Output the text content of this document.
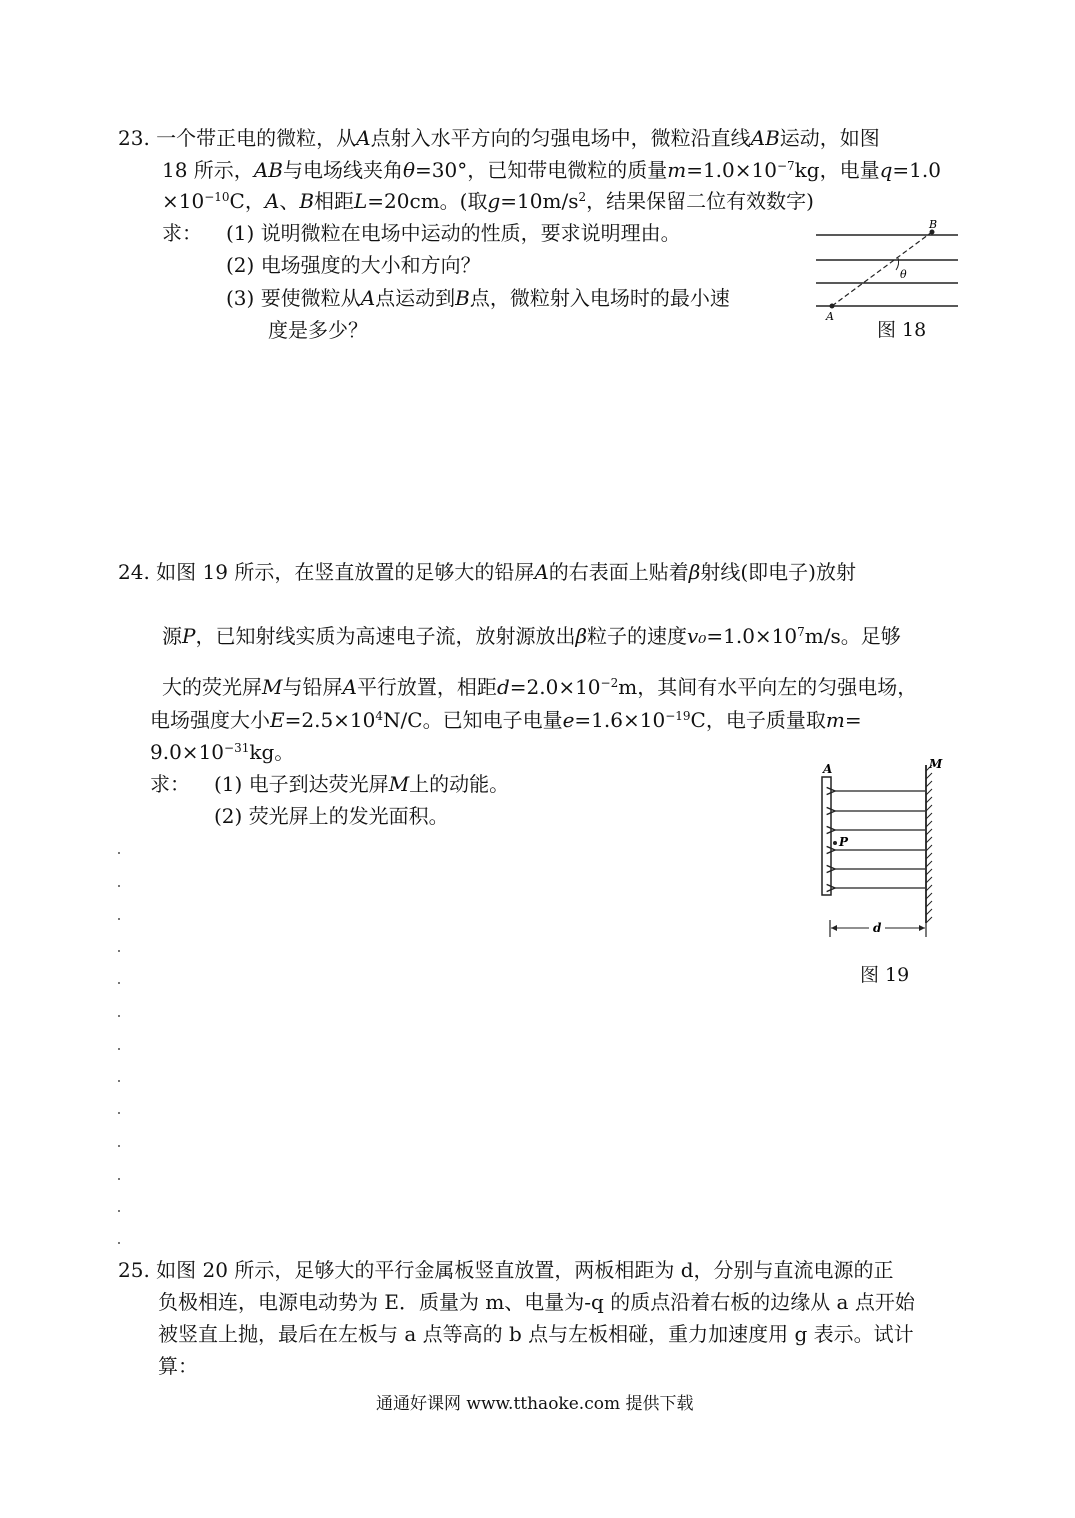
23. 一个带正电的微粒，从A点射入水平方向的匀强电场中，微粒沿直线AB运动，如图
18 所示，AB与电场线夹角θ=30°，已知带电微粒的质量$m=1.0\times 10^{-7}kg$，电量q=1.0
$\times 10^{-10}C$，A、B相距L=20cm。(取$g=10m/s^2$，结果保留二位有效数字)
求： (1) 说明微粒在电场中运动的性质，要求说明理由。
(2) 电场强度的大小和方向？
(3) 要使微粒从A点运动到B点，微粒射入电场时的最小速
度是多少？
θ
A
B
图 18
24. 如图 19 所示，在竖直放置的足够大的铅屏A的右表面上贴着β射线(即电子)放射
源P，已知射线实质为高速电子流，放射源放出β粒子的速度$v_0=1.0\times 10^7m/s$。足够
大的荧光屏M与铅屏A平行放置，相距$d=2.0\times 10^{-2}m$，其间有水平向左的匀强电场，
电场强度大小$E=2.5\times 10^4N/C$。已知电子电量$e=1.6\times 10^{-19}C$，电子质量取m=
$9.0\times 10^{-31}kg$。
求： (1) 电子到达荧光屏M上的动能。
(2) 荧光屏上的发光面积。
P
A	M
d
图 19
25. 如图 20 所示，足够大的平行金属板竖直放置，两板相距为 d，分别与直流电源的正
负极相连，电源电动势为 E．质量为 m、电量为-q 的质点沿着右板的边缘从 a 点开始
被竖直上抛，最后在左板与 a 点等高的 b 点与左板相碰，重力加速度用 g 表示。试计
算：
通通好课网 www.tthaoke.com 提供下载
